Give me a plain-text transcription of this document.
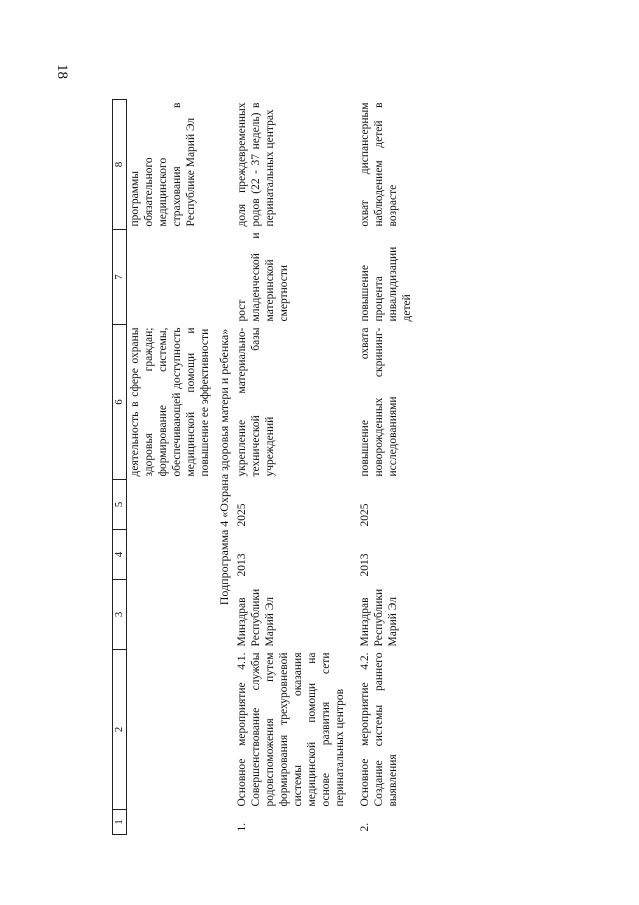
18
1	2	3	4	5	6	7	8
					деятельность в сфере охраны здоровья граждан; формирование системы, обеспечивающей доступность медицинской помощи и повышение ее эффективности		программы обязательного медицинского страхования в Республике Марий Эл
Подпрограмма 4 «Охрана здоровья матери и ребенка»							
1.	Основное мероприятие 4.1. Совершенствование службы родовспоможения путем формирования трехуровневой системы оказания медицинской помощи на основе развития сети перинатальных центров	Минздрав Республики Марий Эл	2013	2025	укрепление материально-технической базы учреждений	рост младенческой и материнской смертности	доля преждевременных родов (22 - 37 недель) в перинатальных центрах
2.	Основное мероприятие 4.2. Создание системы раннего выявления	Минздрав Республики Марий Эл	2013	2025	повышение охвата новорожденных скрининг-исследованиями	повышение процента инвалидизации детей	охват диспансерным наблюдением детей в возрасте
